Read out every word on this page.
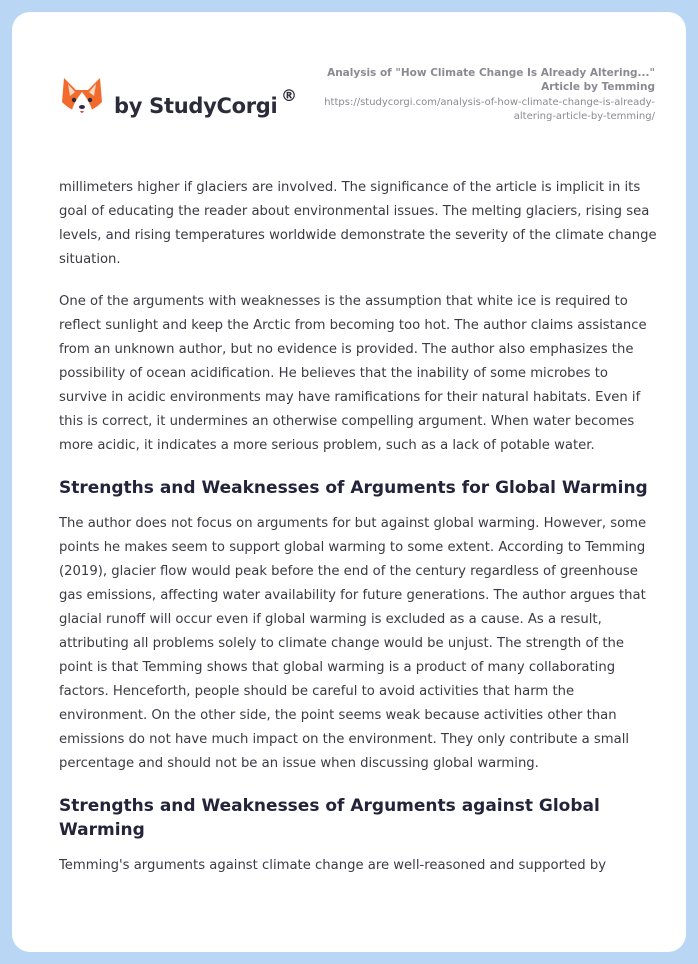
by StudyCorgi ®
Analysis of "How Climate Change Is Already Altering..." Article by Temming
https://studycorgi.com/analysis-of-how-climate-change-is-already-altering-article-by-temming/

millimeters higher if glaciers are involved. The significance of the article is implicit in its goal of educating the reader about environmental issues. The melting glaciers, rising sea levels, and rising temperatures worldwide demonstrate the severity of the climate change situation.

One of the arguments with weaknesses is the assumption that white ice is required to reflect sunlight and keep the Arctic from becoming too hot. The author claims assistance from an unknown author, but no evidence is provided. The author also emphasizes the possibility of ocean acidification. He believes that the inability of some microbes to survive in acidic environments may have ramifications for their natural habitats. Even if this is correct, it undermines an otherwise compelling argument. When water becomes more acidic, it indicates a more serious problem, such as a lack of potable water.

Strengths and Weaknesses of Arguments for Global Warming

The author does not focus on arguments for but against global warming. However, some points he makes seem to support global warming to some extent. According to Temming (2019), glacier flow would peak before the end of the century regardless of greenhouse gas emissions, affecting water availability for future generations. The author argues that glacial runoff will occur even if global warming is excluded as a cause. As a result, attributing all problems solely to climate change would be unjust. The strength of the point is that Temming shows that global warming is a product of many collaborating factors. Henceforth, people should be careful to avoid activities that harm the environment. On the other side, the point seems weak because activities other than emissions do not have much impact on the environment. They only contribute a small percentage and should not be an issue when discussing global warming.

Strengths and Weaknesses of Arguments against Global Warming

Temming's arguments against climate change are well-reasoned and supported by
